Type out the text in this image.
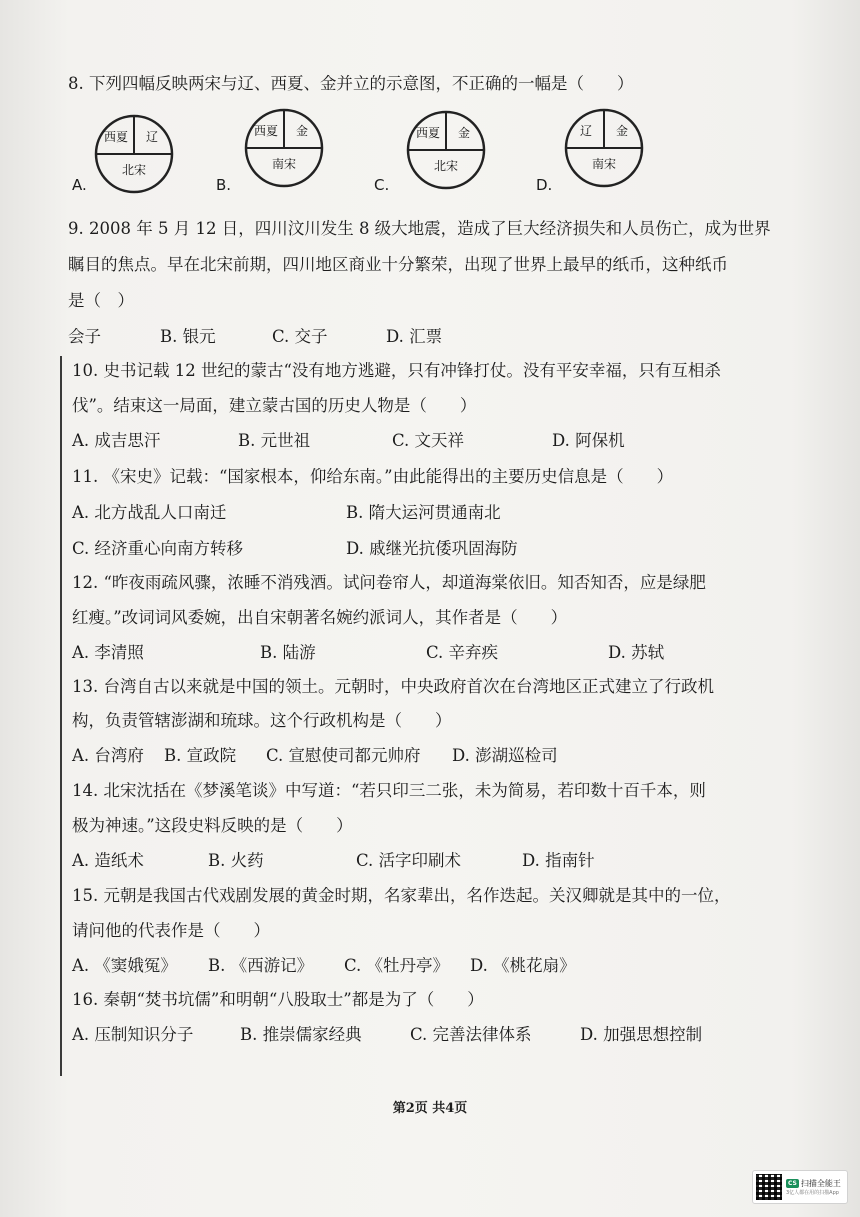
8. 下列四幅反映两宋与辽、西夏、金并立的示意图，不正确的一幅是（　　）
A.
西夏 辽
北宋
B.
西夏 金
南宋
C.
西夏 金
北宋
D.
辽 金
南宋
9. 2008 年 5 月 12 日，四川汶川发生 8 级大地震，造成了巨大经济损失和人员伤亡，成为世界
瞩目的焦点。早在北宋前期，四川地区商业十分繁荣，出现了世界上最早的纸币，这种纸币
是（　）
会子	B. 银元	C. 交子	D. 汇票
10. 史书记载 12 世纪的蒙古“没有地方逃避，只有冲锋打仗。没有平安幸福，只有互相杀
伐”。结束这一局面，建立蒙古国的历史人物是（　　）
A. 成吉思汗	B. 元世祖	C. 文天祥	D. 阿保机
11. 《宋史》记载：“国家根本，仰给东南。”由此能得出的主要历史信息是（　　）
A. 北方战乱人口南迁	B. 隋大运河贯通南北
C. 经济重心向南方转移	D. 戚继光抗倭巩固海防
12. “昨夜雨疏风骤，浓睡不消残酒。试问卷帘人，却道海棠依旧。知否知否，应是绿肥
红瘦。”改词词风委婉，出自宋朝著名婉约派词人，其作者是（　　）
A. 李清照	B. 陆游	C. 辛弃疾	D. 苏轼
13. 台湾自古以来就是中国的领土。元朝时，中央政府首次在台湾地区正式建立了行政机
构，负责管辖澎湖和琉球。这个行政机构是（　　）
A. 台湾府 B. 宣政院 C. 宣慰使司都元帅府 D. 澎湖巡检司
14. 北宋沈括在《梦溪笔谈》中写道：“若只印三二张，未为简易，若印数十百千本，则
极为神速。”这段史料反映的是（　　）
A. 造纸术	B. 火药	C. 活字印刷术	D. 指南针
15. 元朝是我国古代戏剧发展的黄金时期，名家辈出，名作迭起。关汉卿就是其中的一位，
请问他的代表作是（　　）
A. 《窦娥冤》 B. 《西游记》 C. 《牡丹亭》 D. 《桃花扇》
16. 秦朝“焚书坑儒”和明朝“八股取士”都是为了（　　）
A. 压制知识分子	B. 推崇儒家经典	C. 完善法律体系	D. 加强思想控制
第2页 共4页
CS 扫描全能王
3亿人都在用的扫描App
